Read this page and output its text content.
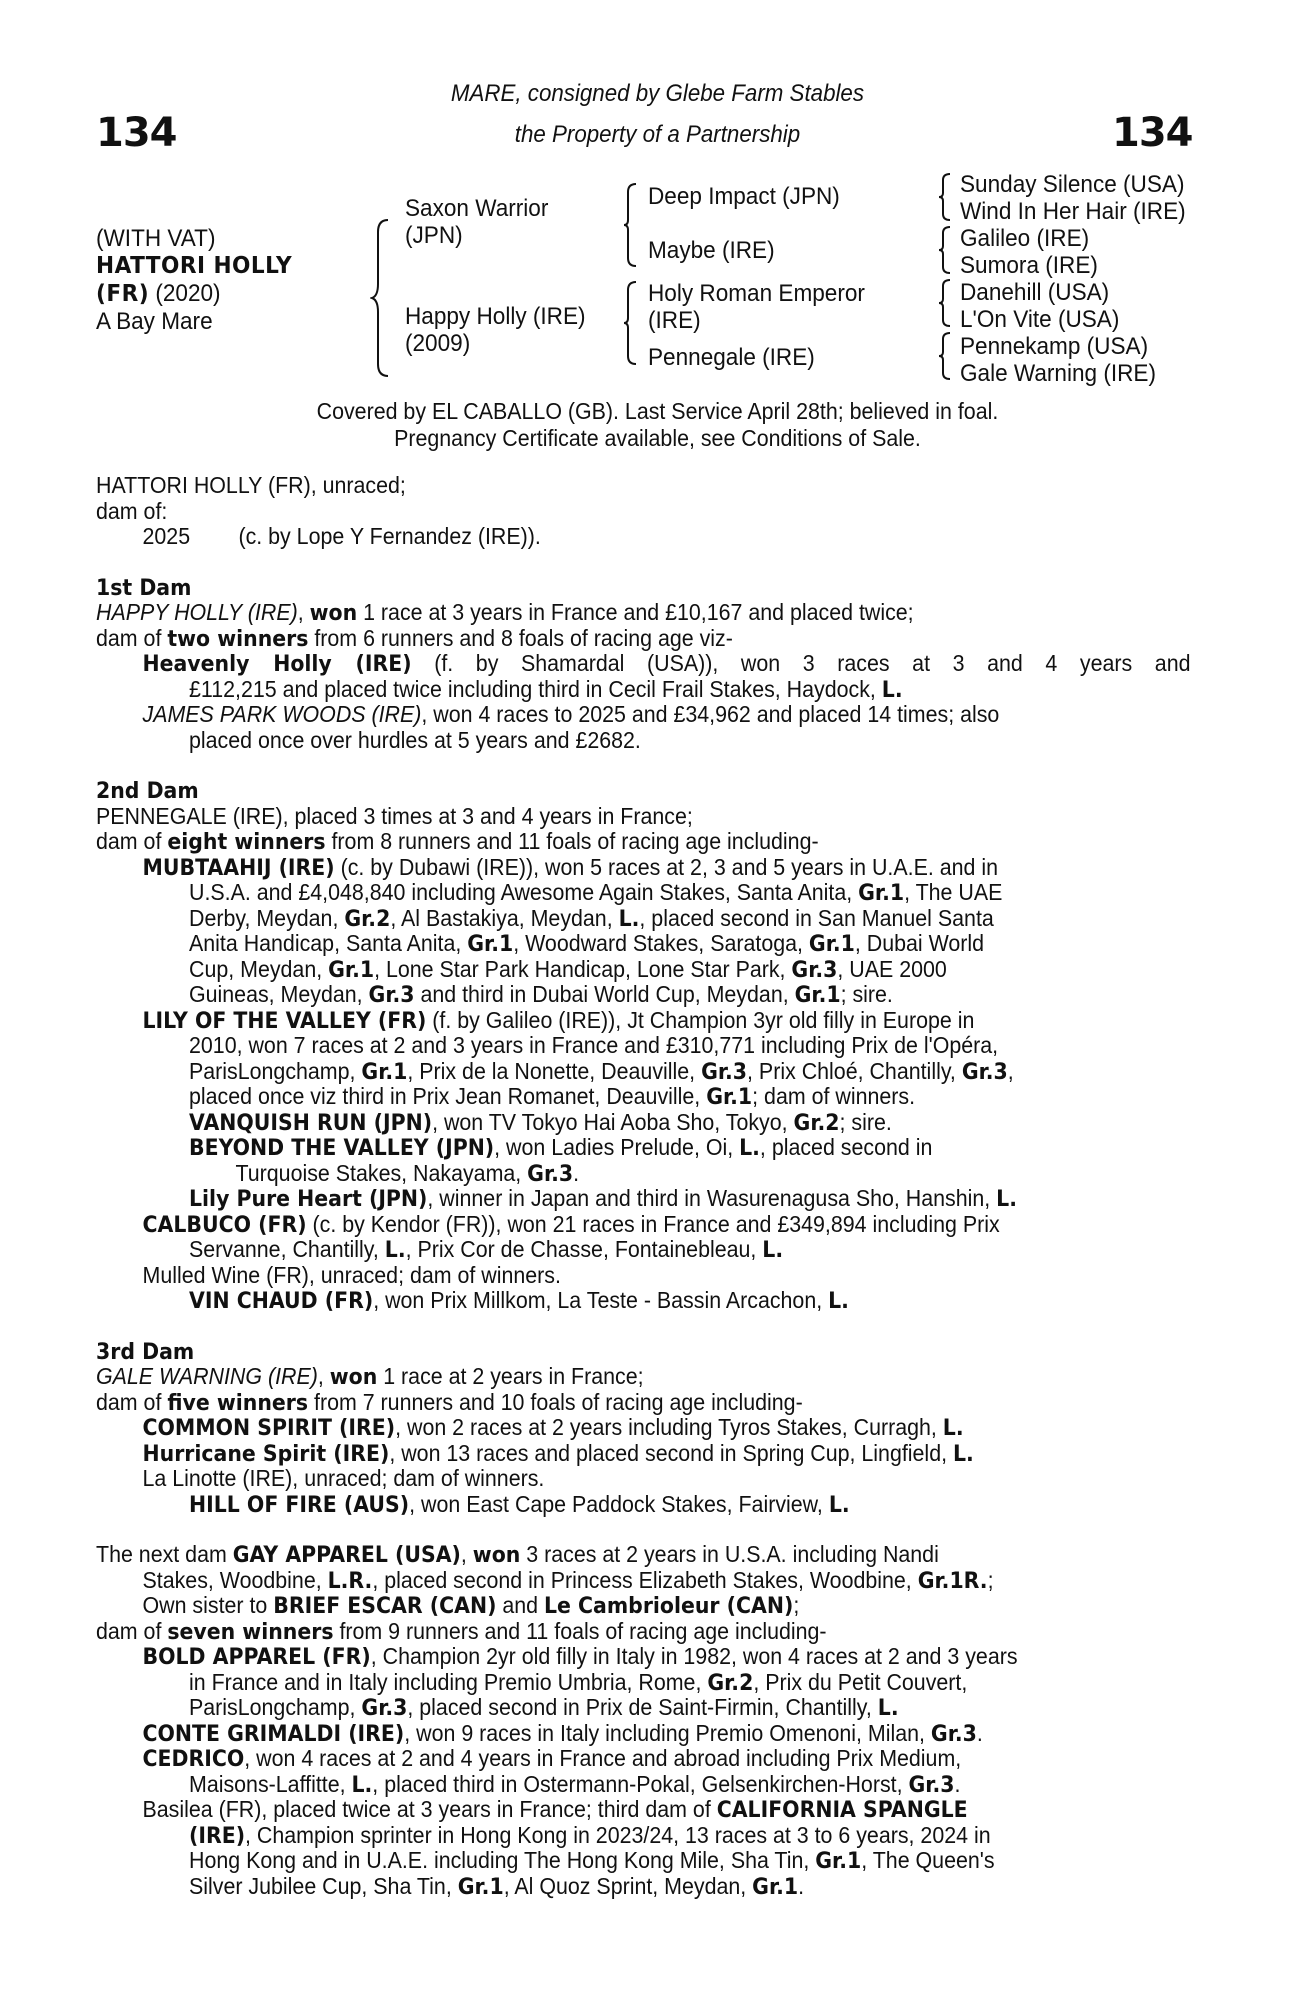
134	134
MARE, consigned by Glebe Farm Stables
the Property of a Partnership
(WITH VAT)
HATTORI HOLLY
(FR) (2020)
A Bay Mare
Saxon Warrior
(JPN)
Happy Holly (IRE)
(2009)
Deep Impact (JPN)
Maybe (IRE)
Holy Roman Emperor
(IRE)
Pennegale (IRE)
Sunday Silence (USA)
Wind In Her Hair (IRE)
Galileo (IRE)
Sumora (IRE)
Danehill (USA)
L'On Vite (USA)
Pennekamp (USA)
Gale Warning (IRE)
Covered by EL CABALLO (GB). Last Service April 28th; believed in foal.
Pregnancy Certificate available, see Conditions of Sale.
HATTORI HOLLY (FR), unraced;
dam of:
2025 (c. by Lope Y Fernandez (IRE)).
1st Dam
HAPPY HOLLY (IRE), won 1 race at 3 years in France and £10,167 and placed twice;
dam of two winners from 6 runners and 8 foals of racing age viz-
Heavenly Holly (IRE) (f. by Shamardal (USA)), won 3 races at 3 and 4 years and
£112,215 and placed twice including third in Cecil Frail Stakes, Haydock, L.
JAMES PARK WOODS (IRE), won 4 races to 2025 and £34,962 and placed 14 times; also
placed once over hurdles at 5 years and £2682.
2nd Dam
PENNEGALE (IRE), placed 3 times at 3 and 4 years in France;
dam of eight winners from 8 runners and 11 foals of racing age including-
MUBTAAHIJ (IRE) (c. by Dubawi (IRE)), won 5 races at 2, 3 and 5 years in U.A.E. and in
U.S.A. and £4,048,840 including Awesome Again Stakes, Santa Anita, Gr.1, The UAE
Derby, Meydan, Gr.2, Al Bastakiya, Meydan, L., placed second in San Manuel Santa
Anita Handicap, Santa Anita, Gr.1, Woodward Stakes, Saratoga, Gr.1, Dubai World
Cup, Meydan, Gr.1, Lone Star Park Handicap, Lone Star Park, Gr.3, UAE 2000
Guineas, Meydan, Gr.3 and third in Dubai World Cup, Meydan, Gr.1; sire.
LILY OF THE VALLEY (FR) (f. by Galileo (IRE)), Jt Champion 3yr old filly in Europe in
2010, won 7 races at 2 and 3 years in France and £310,771 including Prix de l'Opéra,
ParisLongchamp, Gr.1, Prix de la Nonette, Deauville, Gr.3, Prix Chloé, Chantilly, Gr.3,
placed once viz third in Prix Jean Romanet, Deauville, Gr.1; dam of winners.
VANQUISH RUN (JPN), won TV Tokyo Hai Aoba Sho, Tokyo, Gr.2; sire.
BEYOND THE VALLEY (JPN), won Ladies Prelude, Oi, L., placed second in
Turquoise Stakes, Nakayama, Gr.3.
Lily Pure Heart (JPN), winner in Japan and third in Wasurenagusa Sho, Hanshin, L.
CALBUCO (FR) (c. by Kendor (FR)), won 21 races in France and £349,894 including Prix
Servanne, Chantilly, L., Prix Cor de Chasse, Fontainebleau, L.
Mulled Wine (FR), unraced; dam of winners.
VIN CHAUD (FR), won Prix Millkom, La Teste - Bassin Arcachon, L.
3rd Dam
GALE WARNING (IRE), won 1 race at 2 years in France;
dam of five winners from 7 runners and 10 foals of racing age including-
COMMON SPIRIT (IRE), won 2 races at 2 years including Tyros Stakes, Curragh, L.
Hurricane Spirit (IRE), won 13 races and placed second in Spring Cup, Lingfield, L.
La Linotte (IRE), unraced; dam of winners.
HILL OF FIRE (AUS), won East Cape Paddock Stakes, Fairview, L.
The next dam GAY APPAREL (USA), won 3 races at 2 years in U.S.A. including Nandi
Stakes, Woodbine, L.R., placed second in Princess Elizabeth Stakes, Woodbine, Gr.1R.;
Own sister to BRIEF ESCAR (CAN) and Le Cambrioleur (CAN);
dam of seven winners from 9 runners and 11 foals of racing age including-
BOLD APPAREL (FR), Champion 2yr old filly in Italy in 1982, won 4 races at 2 and 3 years
in France and in Italy including Premio Umbria, Rome, Gr.2, Prix du Petit Couvert,
ParisLongchamp, Gr.3, placed second in Prix de Saint-Firmin, Chantilly, L.
CONTE GRIMALDI (IRE), won 9 races in Italy including Premio Omenoni, Milan, Gr.3.
CEDRICO, won 4 races at 2 and 4 years in France and abroad including Prix Medium,
Maisons-Laffitte, L., placed third in Ostermann-Pokal, Gelsenkirchen-Horst, Gr.3.
Basilea (FR), placed twice at 3 years in France; third dam of CALIFORNIA SPANGLE
(IRE), Champion sprinter in Hong Kong in 2023/24, 13 races at 3 to 6 years, 2024 in
Hong Kong and in U.A.E. including The Hong Kong Mile, Sha Tin, Gr.1, The Queen's
Silver Jubilee Cup, Sha Tin, Gr.1, Al Quoz Sprint, Meydan, Gr.1.
